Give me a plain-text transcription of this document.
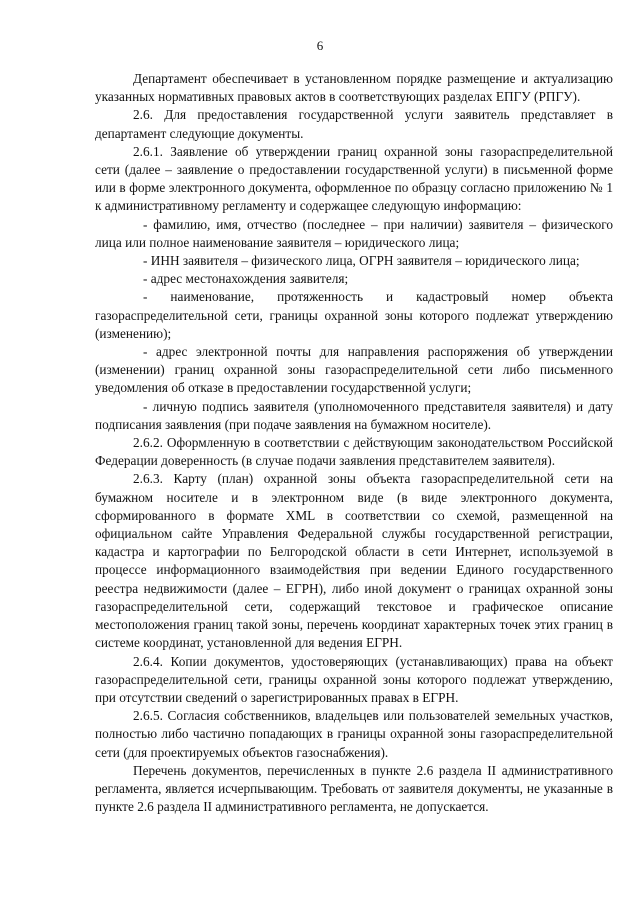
6

Департамент обеспечивает в установленном порядке размещение и актуализацию указанных нормативных правовых актов в соответствующих разделах ЕПГУ (РПГУ).

2.6. Для предоставления государственной услуги заявитель представляет в департамент следующие документы.

2.6.1. Заявление об утверждении границ охранной зоны газораспределительной сети (далее – заявление о предоставлении государственной услуги) в письменной форме или в форме электронного документа, оформленное по образцу согласно приложению № 1 к административному регламенту и содержащее следующую информацию:

- фамилию, имя, отчество (последнее – при наличии) заявителя – физического лица или полное наименование заявителя – юридического лица;

- ИНН заявителя – физического лица, ОГРН заявителя – юридического лица;

- адрес местонахождения заявителя;

- наименование, протяженность и кадастровый номер объекта газораспределительной сети, границы охранной зоны которого подлежат утверждению (изменению);

- адрес электронной почты для направления распоряжения об утверждении (изменении) границ охранной зоны газораспределительной сети либо письменного уведомления об отказе в предоставлении государственной услуги;

- личную подпись заявителя (уполномоченного представителя заявителя) и дату подписания заявления (при подаче заявления на бумажном носителе).

2.6.2. Оформленную в соответствии с действующим законодательством Российской Федерации доверенность (в случае подачи заявления представителем заявителя).

2.6.3. Карту (план) охранной зоны объекта газораспределительной сети на бумажном носителе и в электронном виде (в виде электронного документа, сформированного в формате XML в соответствии со схемой, размещенной на официальном сайте Управления Федеральной службы государственной регистрации, кадастра и картографии по Белгородской области в сети Интернет, используемой в процессе информационного взаимодействия при ведении Единого государственного реестра недвижимости (далее – ЕГРН), либо иной документ о границах охранной зоны газораспределительной сети, содержащий текстовое и графическое описание местоположения границ такой зоны, перечень координат характерных точек этих границ в системе координат, установленной для ведения ЕГРН.

2.6.4. Копии документов, удостоверяющих (устанавливающих) права на объект газораспределительной сети, границы охранной зоны которого подлежат утверждению, при отсутствии сведений о зарегистрированных правах в ЕГРН.

2.6.5. Согласия собственников, владельцев или пользователей земельных участков, полностью либо частично попадающих в границы охранной зоны газораспределительной сети (для проектируемых объектов газоснабжения).

Перечень документов, перечисленных в пункте 2.6 раздела II административного регламента, является исчерпывающим. Требовать от заявителя документы, не указанные в пункте 2.6 раздела II административного регламента, не допускается.
